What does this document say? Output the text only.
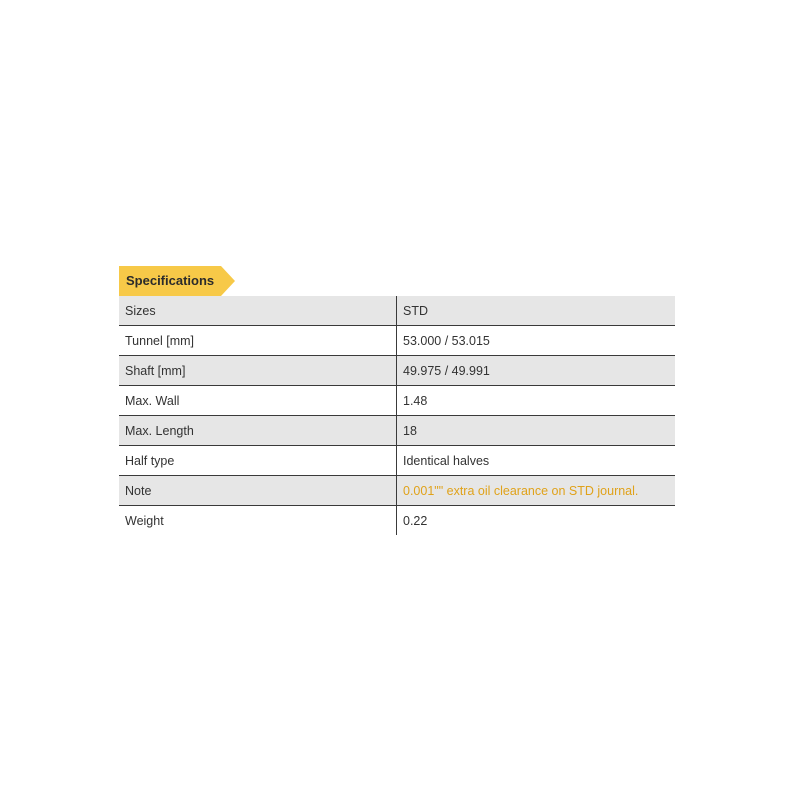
Specifications
Sizes	STD
Tunnel [mm]	53.000 / 53.015
Shaft [mm]	49.975 / 49.991
Max. Wall	1.48
Max. Length	18
Half type	Identical halves
Note	0.001"" extra oil clearance on STD journal.
Weight	0.22
